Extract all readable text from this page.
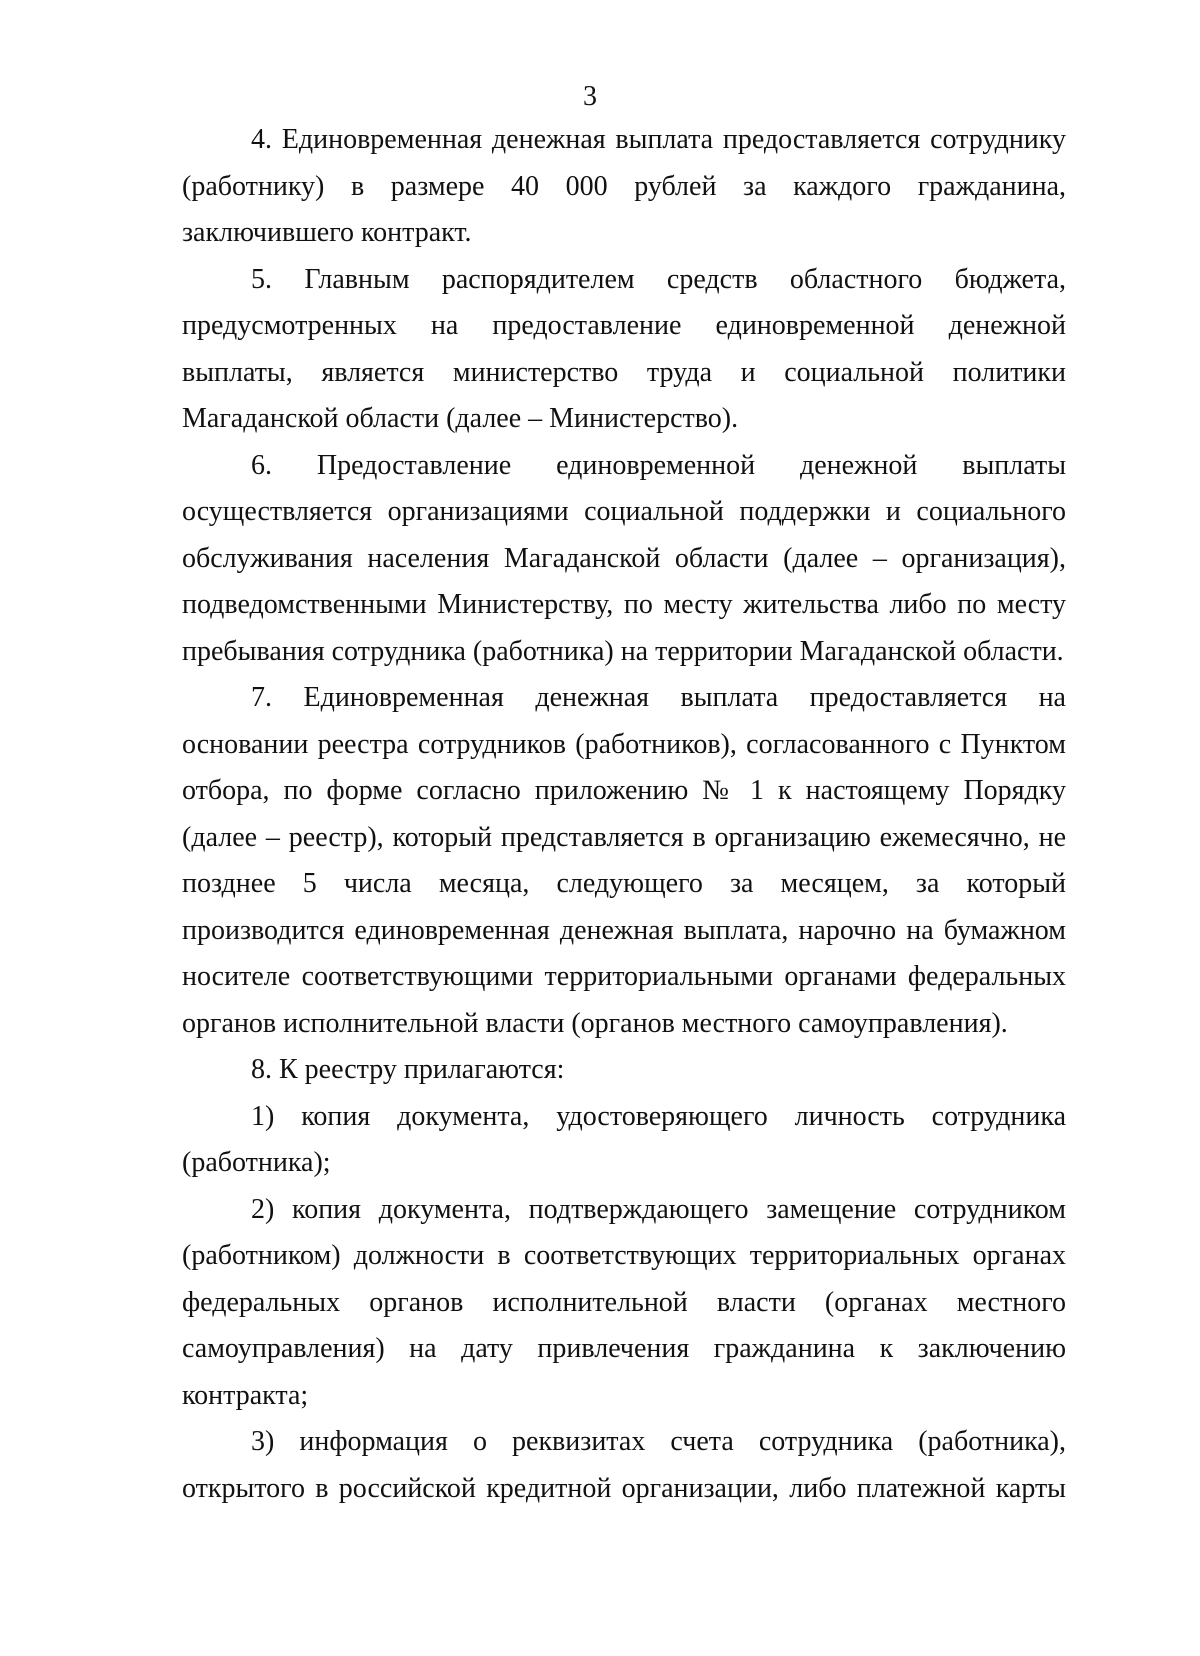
3

4. Единовременная денежная выплата предоставляется сотруднику (работнику) в размере 40 000 рублей за каждого гражданина, заключившего контракт.

5. Главным распорядителем средств областного бюджета, предусмотренных на предоставление единовременной денежной выплаты, является министерство труда и социальной политики Магаданской области (далее – Министерство).

6. Предоставление единовременной денежной выплаты осуществляется организациями социальной поддержки и социального обслуживания населения Магаданской области (далее – организация), подведомственными Министерству, по месту жительства либо по месту пребывания сотрудника (работника) на территории Магаданской области.

7. Единовременная денежная выплата предоставляется на основании реестра сотрудников (работников), согласованного с Пунктом отбора, по форме согласно приложению № 1 к настоящему Порядку (далее – реестр), который представляется в организацию ежемесячно, не позднее 5 числа месяца, следующего за месяцем, за который производится единовременная денежная выплата, нарочно на бумажном носителе соответствующими территориальными органами федеральных органов исполнительной власти (органов местного самоуправления).

8. К реестру прилагаются:

1) копия документа, удостоверяющего личность сотрудника (работника);

2) копия документа, подтверждающего замещение сотрудником (работником) должности в соответствующих территориальных органах федеральных органов исполнительной власти (органах местного самоуправления) на дату привлечения гражданина к заключению контракта;

3) информация о реквизитах счета сотрудника (работника), открытого в российской кредитной организации, либо платежной карты
